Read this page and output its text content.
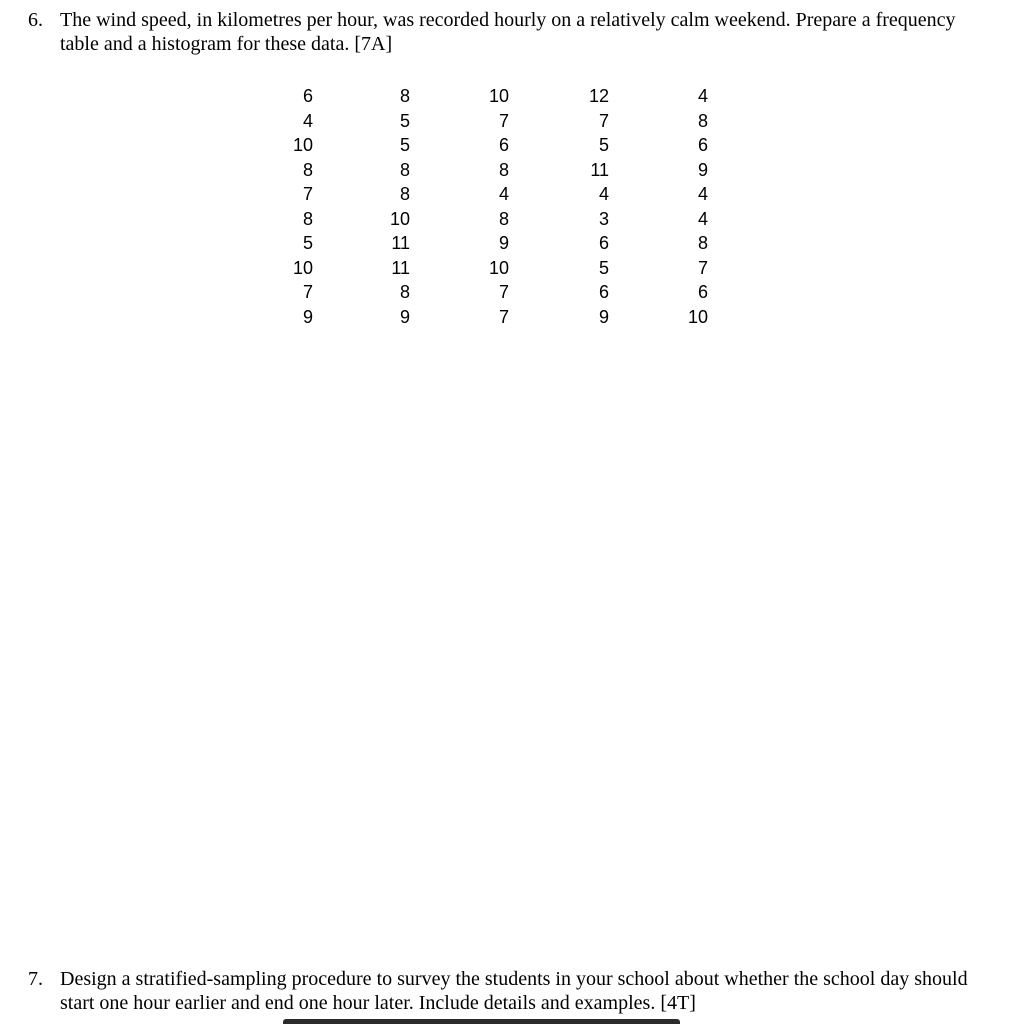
6. The wind speed, in kilometres per hour, was recorded hourly on a relatively calm weekend. Prepare a frequency table and a histogram for these data. [7A]
6
4
10
8
7
8
5
10
7
9
8
5
5
8
8
10
11
11
8
9
10
7
6
8
4
8
9
10
7
7
12
7
5
11
4
3
6
5
6
9
4
8
6
9
4
4
8
7
6
10
7. Design a stratified-sampling procedure to survey the students in your school about whether the school day should start one hour earlier and end one hour later. Include details and examples. [4T]
